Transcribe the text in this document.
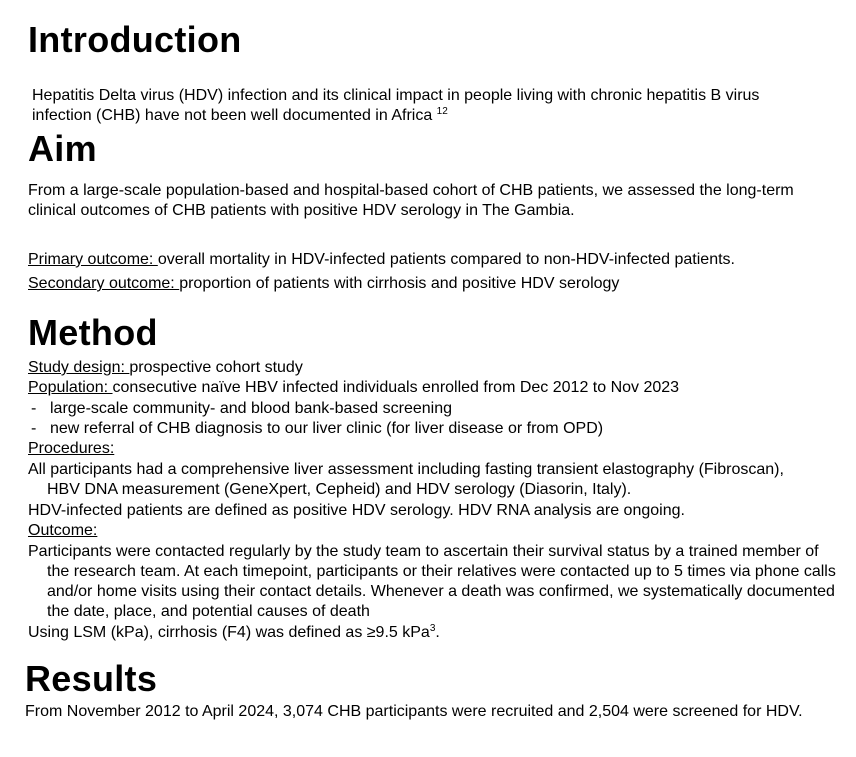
Introduction

Hepatitis Delta virus (HDV) infection and its clinical impact in people living with chronic hepatitis B virus infection (CHB) have not been well documented in Africa $^{12}$

Aim

From a large-scale population-based and hospital-based cohort of CHB patients, we assessed the long-term clinical outcomes of CHB patients with positive HDV serology in The Gambia.

Primary outcome: overall mortality in HDV-infected patients compared to non-HDV-infected patients.

Secondary outcome: proportion of patients with cirrhosis and positive HDV serology

Method

Study design: prospective cohort study

Population: consecutive naïve HBV infected individuals enrolled from Dec 2012 to Nov 2023

- large-scale community- and blood bank-based screening

- new referral of CHB diagnosis to our liver clinic (for liver disease or from OPD)

Procedures:

All participants had a comprehensive liver assessment including fasting transient elastography (Fibroscan), HBV DNA measurement (GeneXpert, Cepheid) and HDV serology (Diasorin, Italy).

HDV-infected patients are defined as positive HDV serology. HDV RNA analysis are ongoing.

Outcome:

Participants were contacted regularly by the study team to ascertain their survival status by a trained member of the research team. At each timepoint, participants or their relatives were contacted up to 5 times via phone calls and/or home visits using their contact details. Whenever a death was confirmed, we systematically documented the date, place, and potential causes of death

Using LSM (kPa), cirrhosis (F4) was defined as ≥9.5 kPa$^3$.

Results

From November 2012 to April 2024, 3,074 CHB participants were recruited and 2,504 were screened for HDV.
